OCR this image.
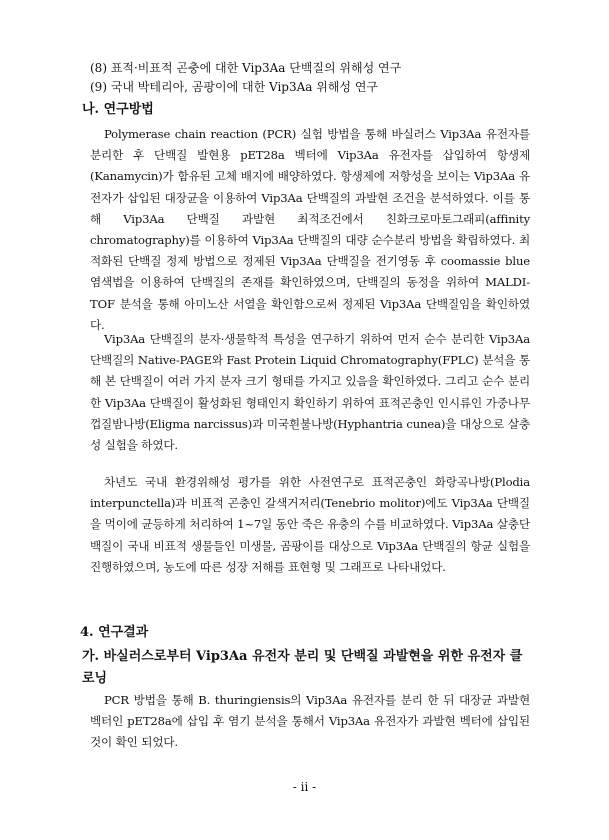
(8) 표적·비표적 곤충에 대한 Vip3Aa 단백질의 위해성 연구
(9) 국내 박테리아, 곰팡이에 대한 Vip3Aa 위해성 연구
나. 연구방법

Polymerase chain reaction (PCR) 실험 방법을 통해 바실러스 Vip3Aa 유전자를 분리한 후 단백질 발현용 pET28a 벡터에 Vip3Aa 유전자를 삽입하여 항생제(Kanamycin)가 함유된 고체 배지에 배양하였다. 항생제에 저항성을 보이는 Vip3Aa 유전자가 삽입된 대장균을 이용하여 Vip3Aa 단백질의 과발현 조건을 분석하였다. 이를 통해 Vip3Aa 단백질 과발현 최적조건에서 친화크로마토그래피(affinity chromatography)를 이용하여 Vip3Aa 단백질의 대량 순수분리 방법을 확립하였다. 최적화된 단백질 정제 방법으로 정제된 Vip3Aa 단백질을 전기영동 후 coomassie blue 염색법을 이용하여 단백질의 존재를 확인하였으며, 단백질의 동정을 위하여 MALDI-TOF 분석을 통해 아미노산 서열을 확인함으로써 정제된 Vip3Aa 단백질임을 확인하였다.

Vip3Aa 단백질의 분자·생물학적 특성을 연구하기 위하여 먼저 순수 분리한 Vip3Aa 단백질의 Native-PAGE와 Fast Protein Liquid Chromatography(FPLC) 분석을 통해 본 단백질이 여러 가지 분자 크기 형태를 가지고 있음을 확인하였다. 그리고 순수 분리한 Vip3Aa 단백질이 활성화된 형태인지 확인하기 위하여 표적곤충인 인시류인 가중나무껍질밤나방(Eligma narcissus)과 미국흰불나방(Hyphantria cunea)을 대상으로 살충성 실험을 하였다.

차년도 국내 환경위해성 평가를 위한 사전연구로 표적곤충인 화랑곡나방(Plodia interpunctella)과 비표적 곤충인 갈색거저리(Tenebrio molitor)에도 Vip3Aa 단백질을 먹이에 균등하게 처리하여 1~7일 동안 죽은 유충의 수를 비교하였다. Vip3Aa 살충단백질이 국내 비표적 생물들인 미생물, 곰팡이를 대상으로 Vip3Aa 단백질의 항균 실험을 진행하였으며, 농도에 따른 성장 저해를 표현형 및 그래프로 나타내었다.

4. 연구결과
가. 바실러스로부터 Vip3Aa 유전자 분리 및 단백질 과발현을 위한 유전자 클로닝

PCR 방법을 통해 B. thuringiensis의 Vip3Aa 유전자를 분리 한 뒤 대장균 과발현 벡터인 pET28a에 삽입 후 염기 분석을 통해서 Vip3Aa 유전자가 과발현 벡터에 삽입된 것이 확인 되었다.

- ii -
